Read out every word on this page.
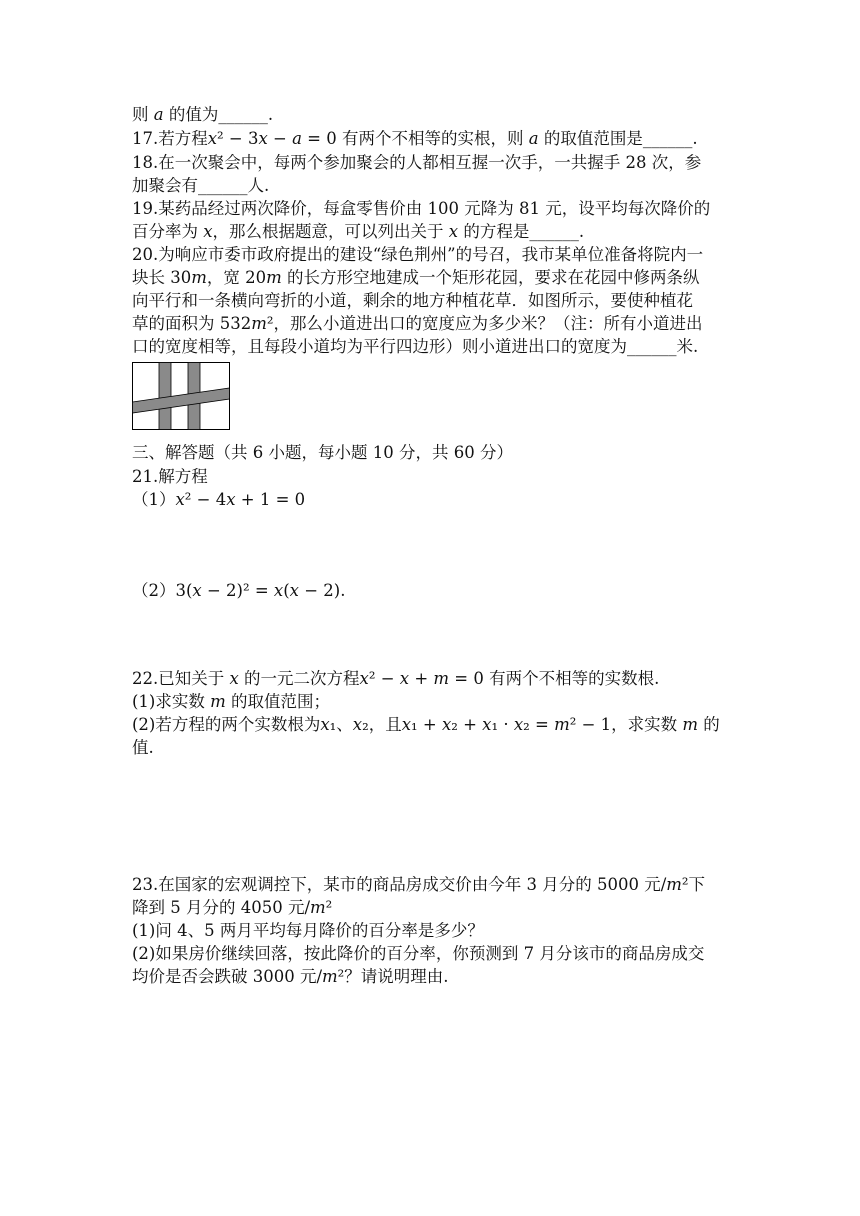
则 𝑎 的值为______.
17.若方程𝑥² − 3𝑥 − 𝑎 = 0 有两个不相等的实根，则 𝑎 的取值范围是______.
18.在一次聚会中，每两个参加聚会的人都相互握一次手，一共握手 28 次，参
加聚会有______人.
19.某药品经过两次降价，每盒零售价由 100 元降为 81 元，设平均每次降价的
百分率为 𝑥，那么根据题意，可以列出关于 𝑥 的方程是______.
20.为响应市委市政府提出的建设“绿色荆州”的号召，我市某单位准备将院内一
块长 30𝑚，宽 20𝑚 的长方形空地建成一个矩形花园，要求在花园中修两条纵
向平行和一条横向弯折的小道，剩余的地方种植花草．如图所示，要使种植花
草的面积为 532𝑚²，那么小道进出口的宽度应为多少米？（注：所有小道进出
口的宽度相等，且每段小道均为平行四边形）则小道进出口的宽度为______米.
三、解答题（共 6 小题，每小题 10 分，共 60 分）
21.解方程
（1）𝑥² − 4𝑥 + 1 = 0
（2）3(𝑥 − 2)² = 𝑥(𝑥 − 2).
22.已知关于 𝑥 的一元二次方程𝑥² − 𝑥 + 𝑚 = 0 有两个不相等的实数根.
(1)求实数 𝑚 的取值范围；
(2)若方程的两个实数根为𝑥₁、𝑥₂，且𝑥₁ + 𝑥₂ + 𝑥₁ · 𝑥₂ = 𝑚² − 1，求实数 𝑚 的
值.
23.在国家的宏观调控下，某市的商品房成交价由今年 3 月分的 5000 元/𝑚²下
降到 5 月分的 4050 元/𝑚²
(1)问 4、5 两月平均每月降价的百分率是多少？
(2)如果房价继续回落，按此降价的百分率，你预测到 7 月分该市的商品房成交
均价是否会跌破 3000 元/𝑚²？请说明理由.
